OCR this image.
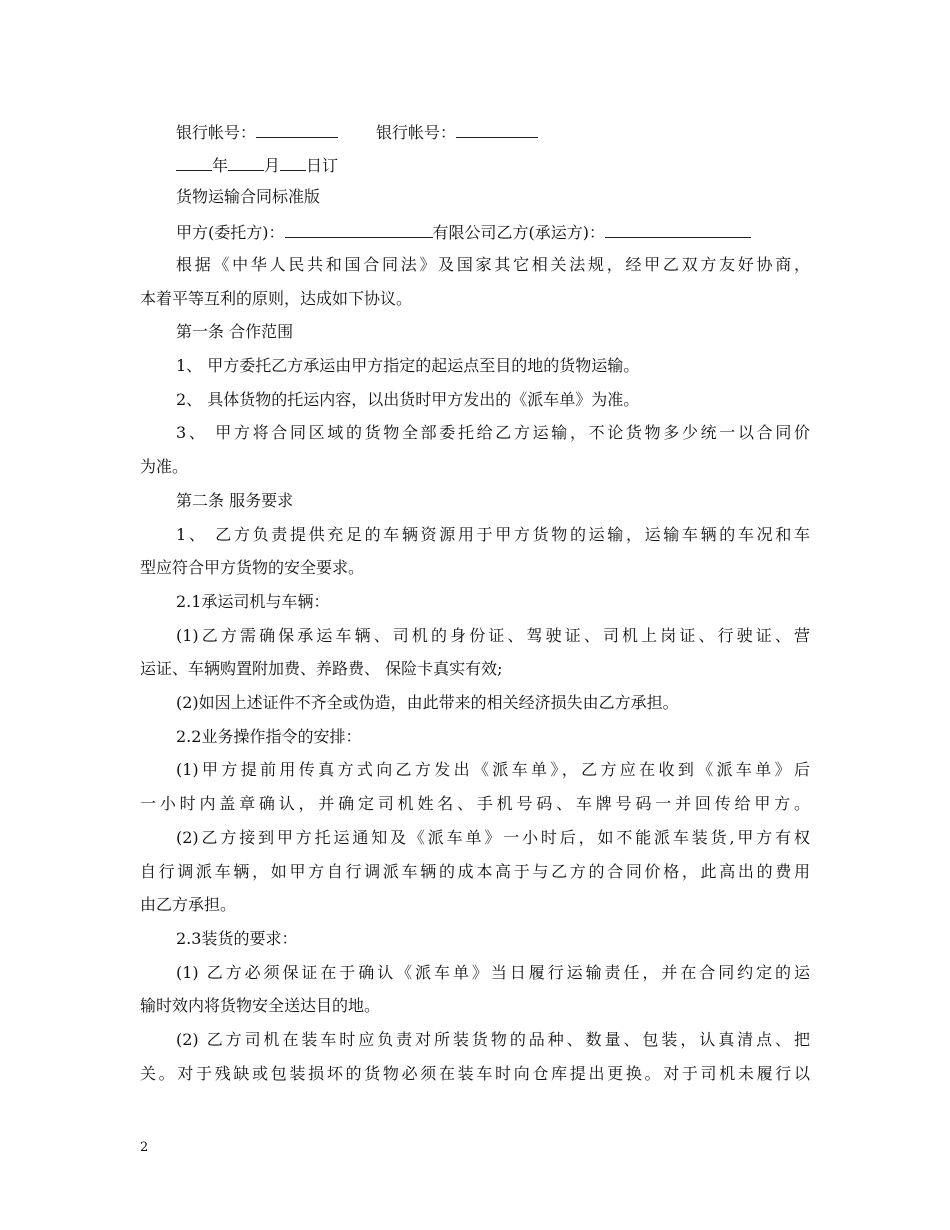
银行帐号：	银行帐号：
年 月 日订
货物运输合同标准版
甲方(委托方)：	有限公司乙方(承运方)：
根据《中华人民共和国合同法》及国家其它相关法规，经甲乙双方友好协商，
本着平等互利的原则，达成如下协议。
第一条 合作范围
1、 甲方委托乙方承运由甲方指定的起运点至目的地的货物运输。
2、 具体货物的托运内容，以出货时甲方发出的《派车单》为准。
3、 甲方将合同区域的货物全部委托给乙方运输，不论货物多少统一以合同价
为准。
第二条 服务要求
1、 乙方负责提供充足的车辆资源用于甲方货物的运输，运输车辆的车况和车
型应符合甲方货物的安全要求。
2.1承运司机与车辆：
(1)乙方需确保承运车辆、司机的身份证、驾驶证、司机上岗证、行驶证、营
运证、车辆购置附加费、养路费、 保险卡真实有效;
(2)如因上述证件不齐全或伪造，由此带来的相关经济损失由乙方承担。
2.2业务操作指令的安排：
(1)甲方提前用传真方式向乙方发出《派车单》，乙方应在收到《派车单》后
一小时内盖章确认，并确定司机姓名、手机号码、车牌号码一并回传给甲方。
(2)乙方接到甲方托运通知及《派车单》一小时后，如不能派车装货,甲方有权
自行调派车辆，如甲方自行调派车辆的成本高于与乙方的合同价格，此高出的费用
由乙方承担。
2.3装货的要求：
(1) 乙方必须保证在于确认《派车单》当日履行运输责任，并在合同约定的运
输时效内将货物安全送达目的地。
(2) 乙方司机在装车时应负责对所装货物的品种、数量、包装，认真清点、把
关。对于残缺或包装损坏的货物必须在装车时向仓库提出更换。对于司机未履行以
2
